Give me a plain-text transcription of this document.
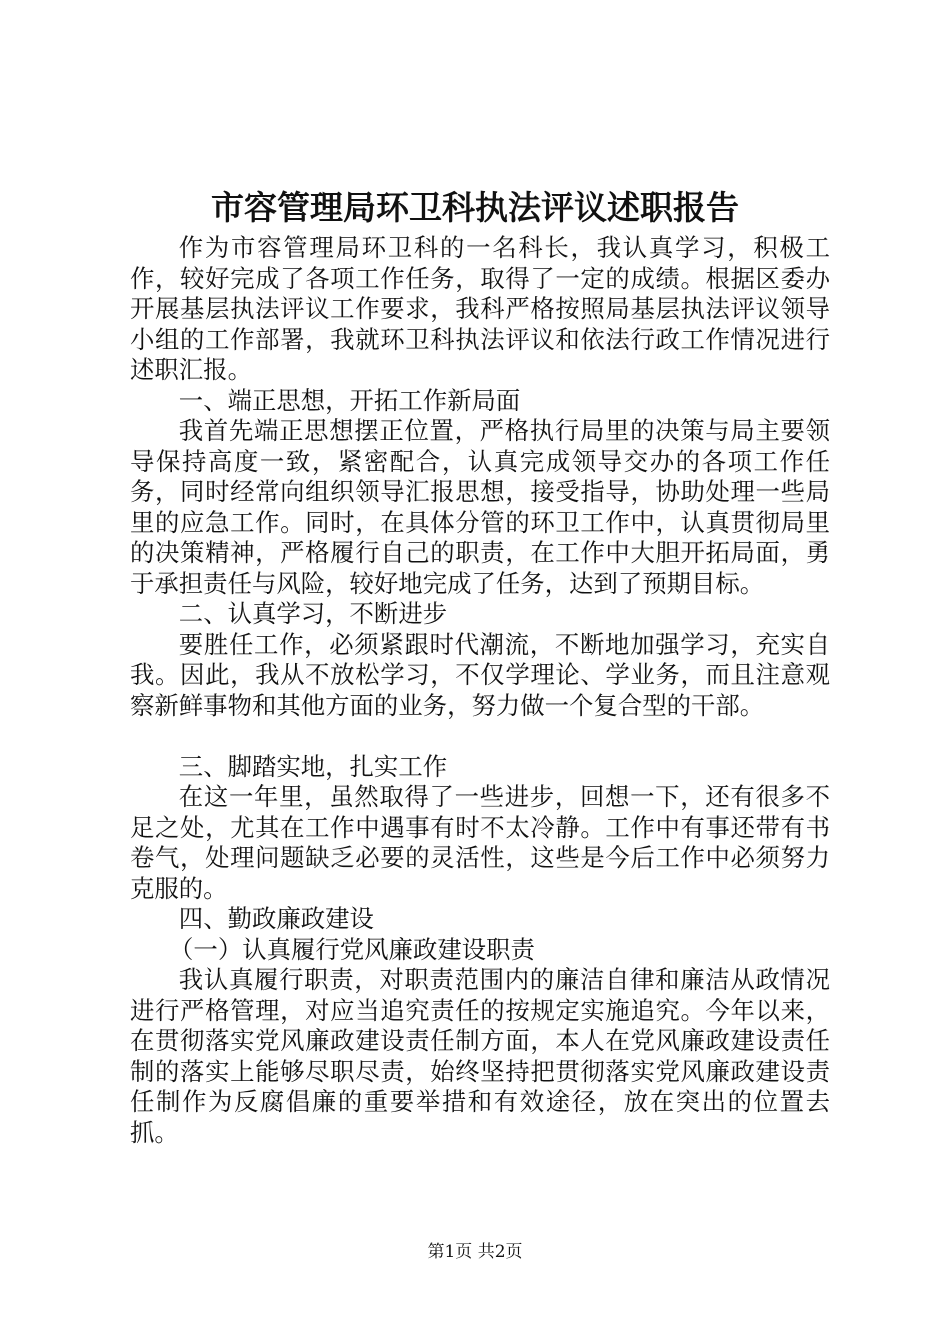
市容管理局环卫科执法评议述职报告

作为市容管理局环卫科的一名科长，我认真学习，积极工作，较好完成了各项工作任务，取得了一定的成绩。根据区委办开展基层执法评议工作要求，我科严格按照局基层执法评议领导小组的工作部署，我就环卫科执法评议和依法行政工作情况进行述职汇报。

一、端正思想，开拓工作新局面

我首先端正思想摆正位置，严格执行局里的决策与局主要领导保持高度一致，紧密配合，认真完成领导交办的各项工作任务，同时经常向组织领导汇报思想，接受指导，协助处理一些局里的应急工作。同时，在具体分管的环卫工作中，认真贯彻局里的决策精神，严格履行自己的职责，在工作中大胆开拓局面，勇于承担责任与风险，较好地完成了任务，达到了预期目标。

二、认真学习，不断进步

要胜任工作，必须紧跟时代潮流，不断地加强学习，充实自我。因此，我从不放松学习，不仅学理论、学业务，而且注意观察新鲜事物和其他方面的业务，努力做一个复合型的干部。

三、脚踏实地，扎实工作

在这一年里，虽然取得了一些进步，回想一下，还有很多不足之处，尤其在工作中遇事有时不太冷静。工作中有事还带有书卷气，处理问题缺乏必要的灵活性，这些是今后工作中必须努力克服的。

四、勤政廉政建设

（一）认真履行党风廉政建设职责

我认真履行职责，对职责范围内的廉洁自律和廉洁从政情况进行严格管理，对应当追究责任的按规定实施追究。今年以来，在贯彻落实党风廉政建设责任制方面，本人在党风廉政建设责任制的落实上能够尽职尽责，始终坚持把贯彻落实党风廉政建设责任制作为反腐倡廉的重要举措和有效途径，放在突出的位置去抓。

第1页 共2页
